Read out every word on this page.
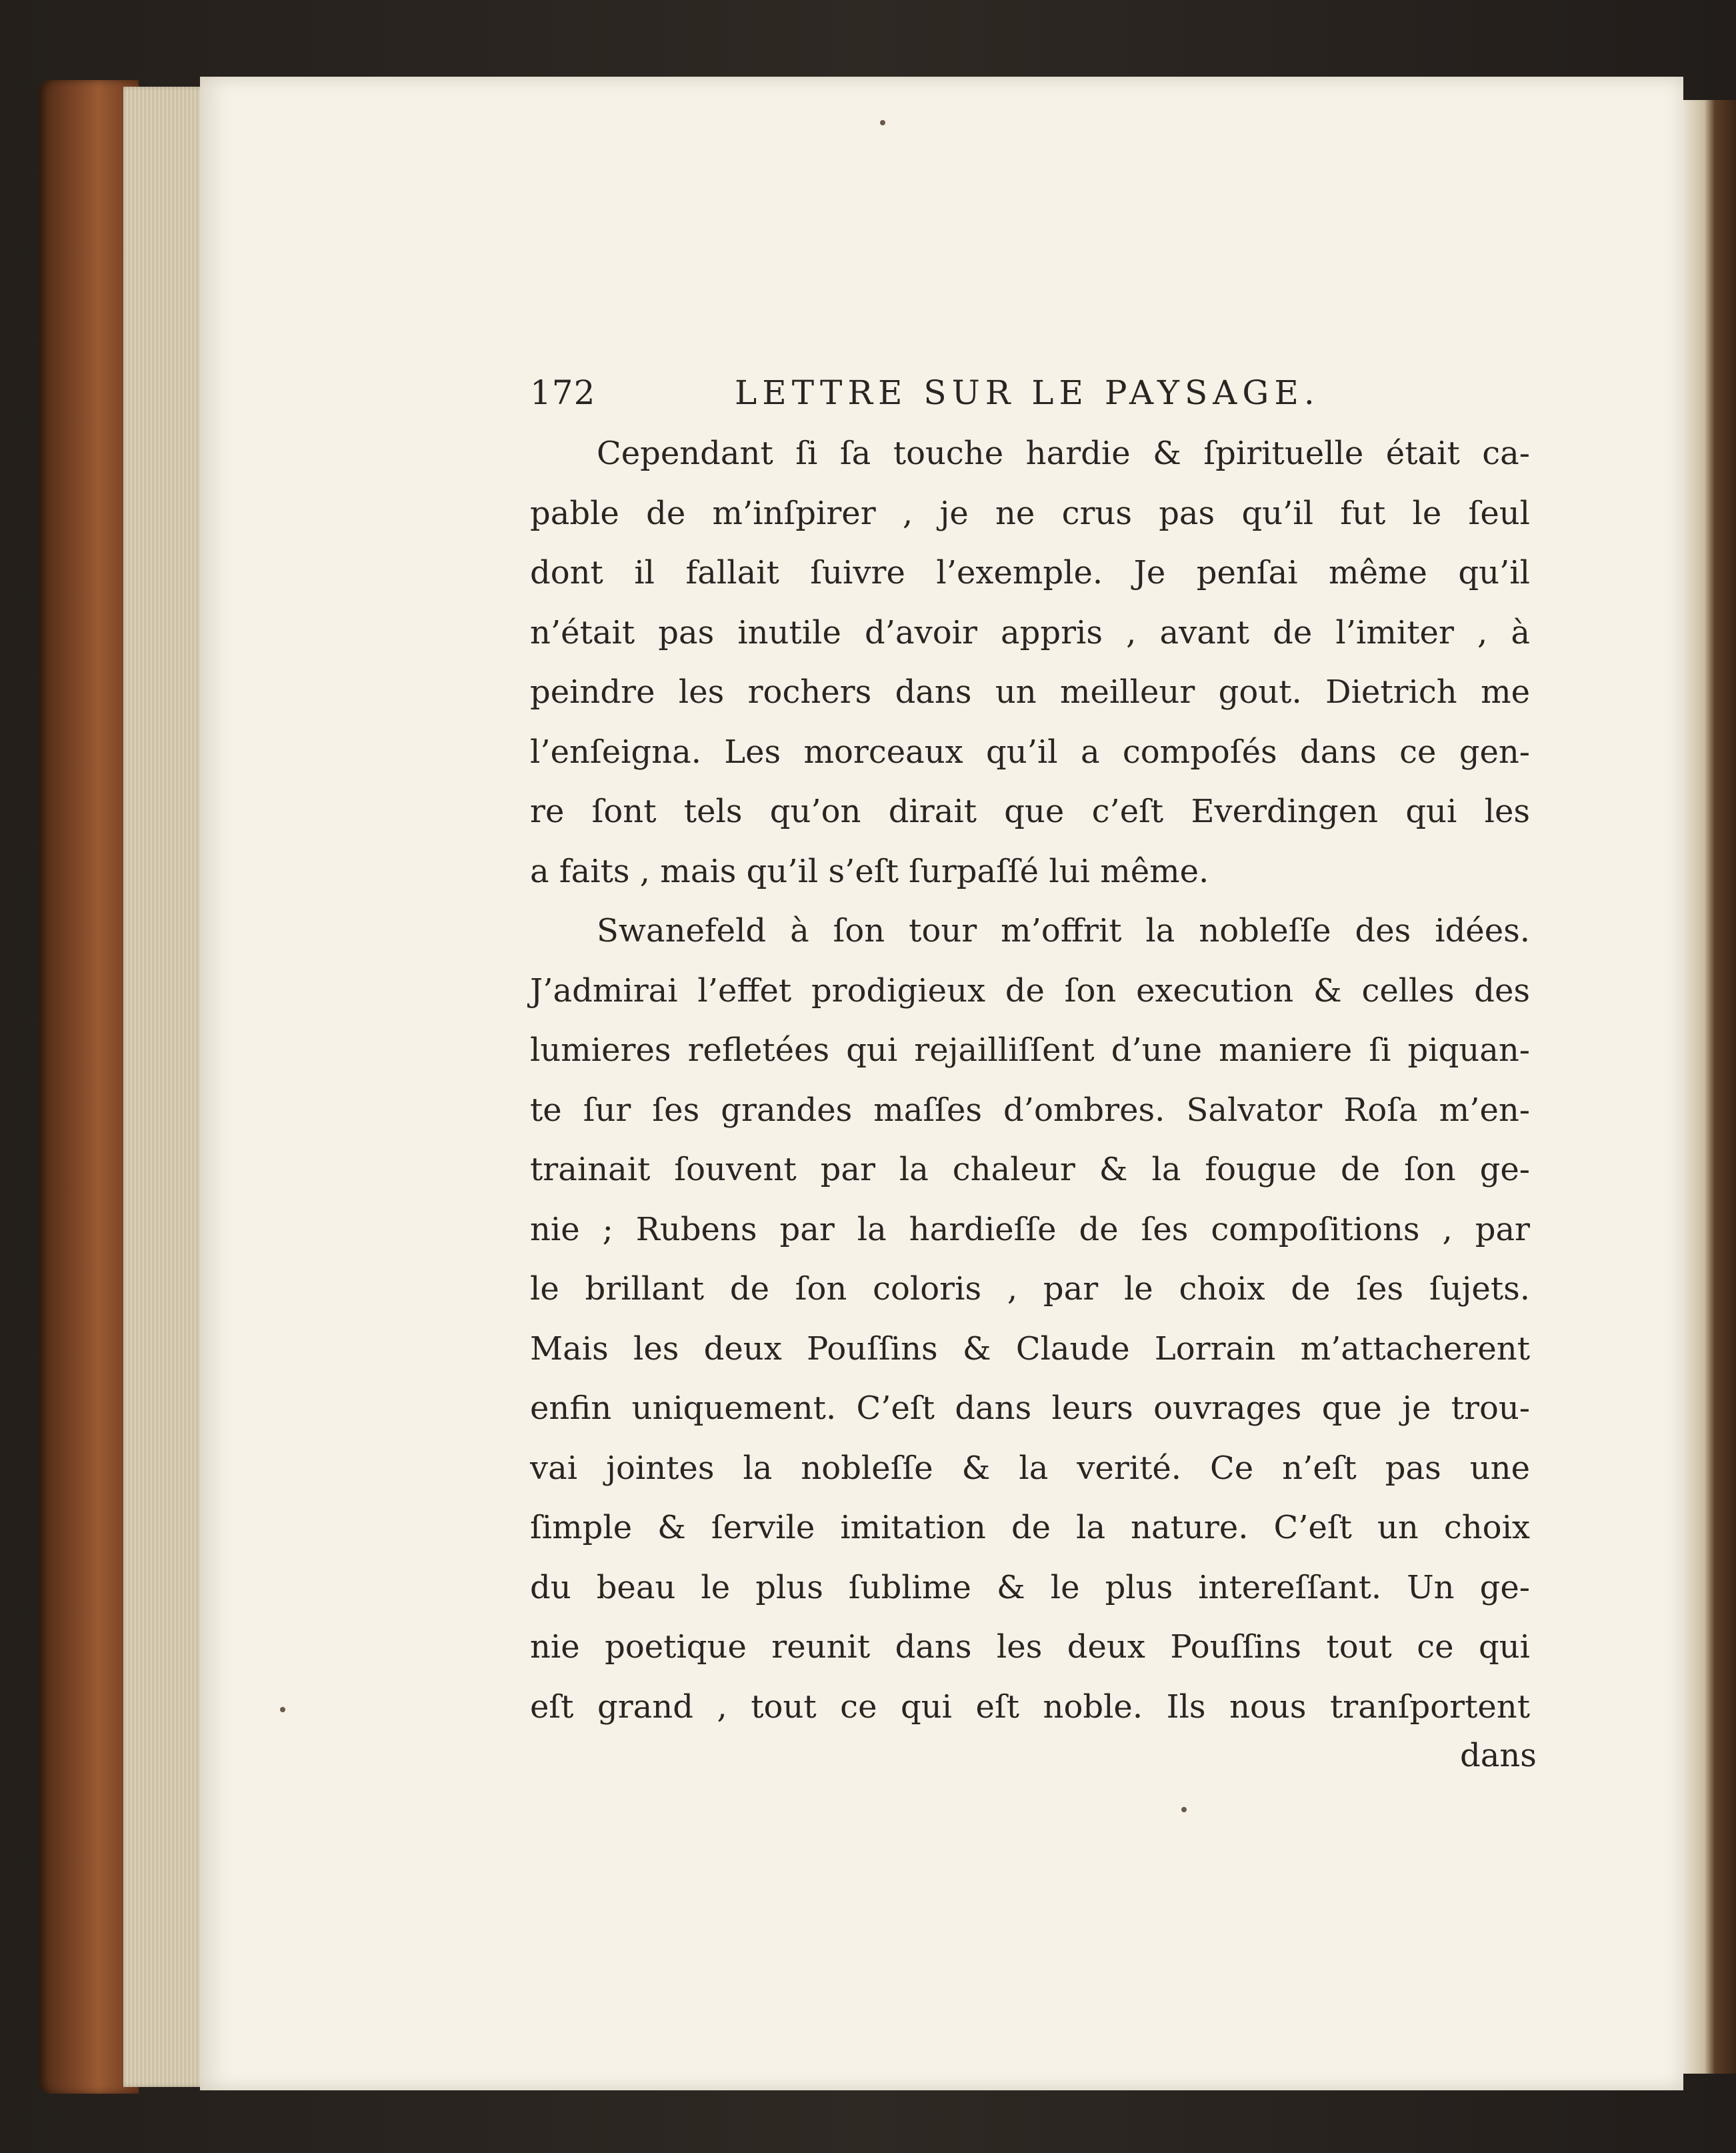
172	LETTRE SUR LE PAYSAGE.
Cependant ſi ſa touche hardie & ſpirituelle était ca-
pable de m’inſpirer , je ne crus pas qu’il fut le ſeul
dont il fallait ſuivre l’exemple. Je penſai même qu’il
n’était pas inutile d’avoir appris , avant de l’imiter , à
peindre les rochers dans un meilleur gout. Dietrich me
l’enſeigna. Les morceaux qu’il a compoſés dans ce gen-
re ſont tels qu’on dirait que c’eſt Everdingen qui les
a faits , mais qu’il s’eſt ſurpaſſé lui même.
Swanefeld à ſon tour m’offrit la nobleſſe des idées.
J’admirai l’effet prodigieux de ſon execution & celles des
lumieres refletées qui rejailliſſent d’une maniere ſi piquan-
te ſur ſes grandes maſſes d’ombres. Salvator Roſa m’en-
trainait ſouvent par la chaleur & la fougue de ſon ge-
nie ; Rubens par la hardieſſe de ſes compoſitions , par
le brillant de ſon coloris , par le choix de ſes ſujets.
Mais les deux Pouſſins & Claude Lorrain m’attacherent
enfin uniquement. C’eſt dans leurs ouvrages que je trou-
vai jointes la nobleſſe & la verité. Ce n’eſt pas une
ſimple & ſervile imitation de la nature. C’eſt un choix
du beau le plus ſublime & le plus intereſſant. Un ge-
nie poetique reunit dans les deux Pouſſins tout ce qui
eſt grand , tout ce qui eſt noble. Ils nous tranſportent
dans
